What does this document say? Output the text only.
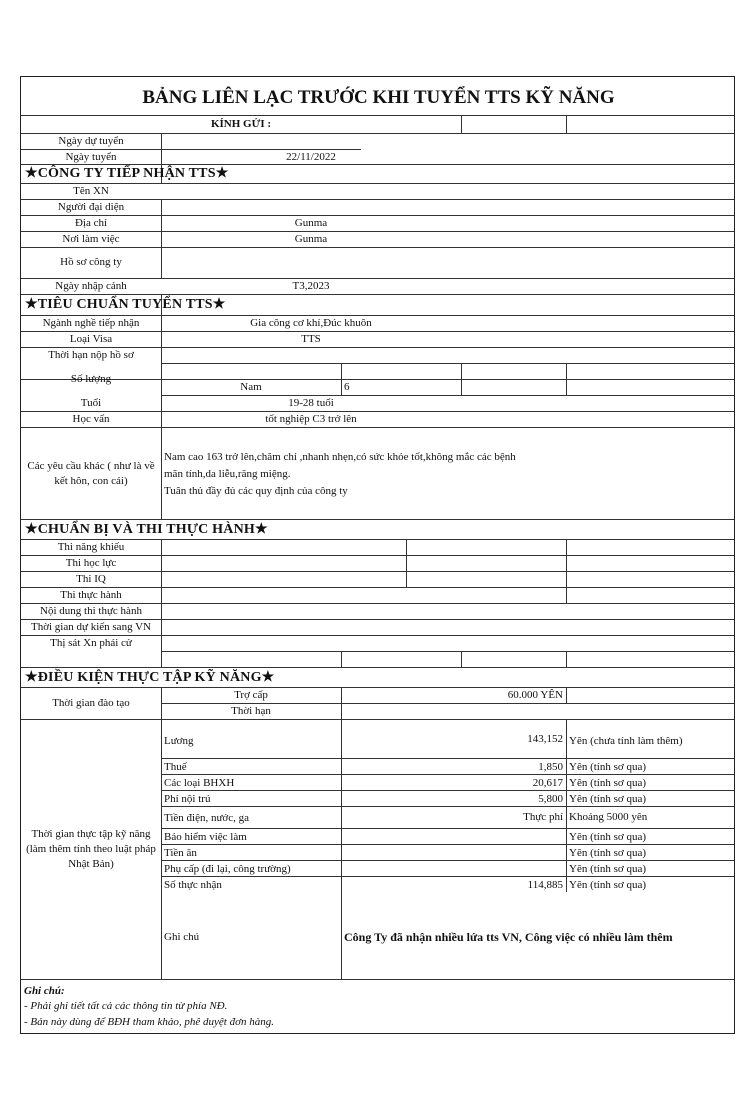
BẢNG LIÊN LẠC TRƯỚC KHI TUYỂN TTS KỸ NĂNG
KÍNH GỬI :
Ngày dự tuyển
Ngày tuyển	22/11/2022
★CÔNG TY TIẾP NHẬN TTS★
Tên XN
Người đại diện
Địa chỉ	Gunma
Nơi làm việc	Gunma
Hồ sơ công ty
Ngày nhập cảnh	T3,2023
★TIÊU CHUẨN TUYỂN TTS★
Ngành nghề tiếp nhận	Gia công cơ khí,Đúc khuôn
Loại Visa	TTS
Thời hạn nộp hồ sơ
Số lượng
Nam	6
Tuổi	19-28 tuổi
Học vấn	tốt nghiệp C3 trở lên
Các yêu cầu khác ( như là về kết hôn, con cái)
Nam cao 163 trở lên,chăm chỉ ,nhanh nhẹn,có sức khỏe tốt,không mắc các bệnh
mãn tính,da liễu,răng miệng.
Tuân thủ đầy đủ các quy định của công ty
★CHUẨN BỊ VÀ THI THỰC HÀNH★
Thi năng khiếu
Thi học lực
Thi IQ
Thi thực hành
Nội dung thi thực hành
Thời gian dự kiến sang VN
Thị sát Xn phái cử
★ĐIỀU KIỆN THỰC TẬP KỸ NĂNG★
Thời gian đào tạo
Trợ cấp	60.000 YÊN
Thời hạn
Thời gian thực tập kỹ năng (làm thêm tính theo luật pháp Nhật Bản)
Lương	143,152 Yên (chưa tính làm thêm)
Thuế	1,850 Yên (tính sơ qua)
Các loại BHXH	20,617 Yên (tính sơ qua)
Phí nội trú	5,800 Yên (tính sơ qua)
Tiền điện, nước, ga	Thực phí Khoảng 5000 yên
Bảo hiểm việc làm	Yên (tính sơ qua)
Tiền ăn	Yên (tính sơ qua)
Phụ cấp (đi lại, công trường)	Yên (tính sơ qua)
Số thực nhận	114,885 Yên (tính sơ qua)
Ghi chú	Công Ty đã nhận nhiều lứa tts VN, Công việc có nhiều làm thêm
Ghi chú:
- Phải ghi tiết tất cả các thông tin từ phía NĐ.
- Bản này dùng để BĐH tham khảo, phê duyệt đơn hàng.
